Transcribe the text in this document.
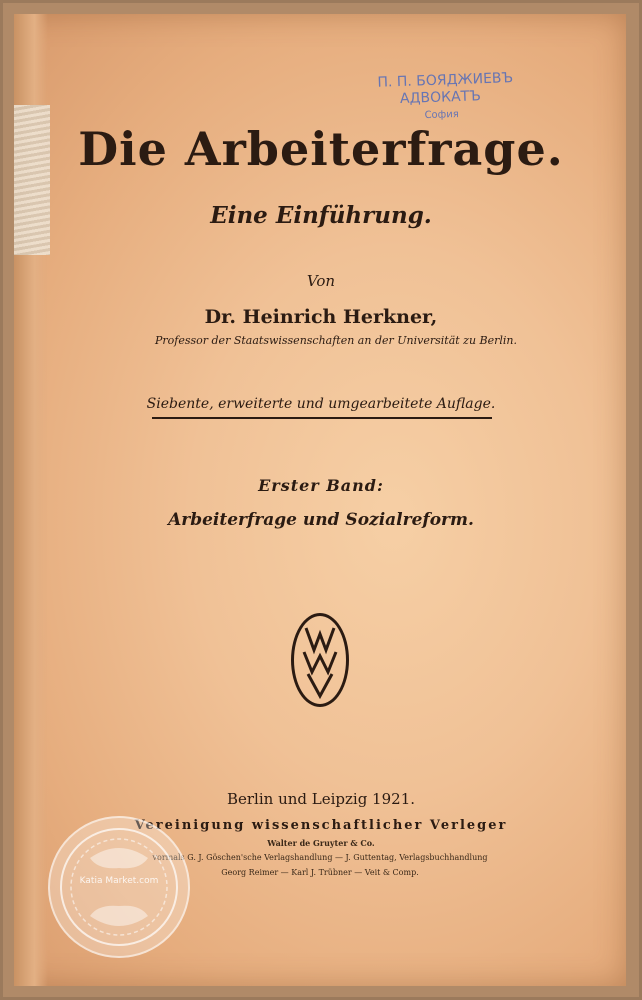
П. П. БОЯДЖИЕВЪ
АДВОКАТЪ
София
Die Arbeiterfrage.
Eine Einführung.
Von
Dr. Heinrich Herkner,
Professor der Staatswissenschaften an der Universität zu Berlin.
Siebente, erweiterte und umgearbeitete Auflage.
Erster Band:
Arbeiterfrage und Sozialreform.
Berlin und Leipzig 1921.
Vereinigung wissenschaftlicher Verleger
Walter de Gruyter & Co.
vormals G. J. Göschen'sche Verlagshandlung — J. Guttentag, Verlagsbuchhandlung
Georg Reimer — Karl J. Trübner — Veit & Comp.
Katia Market.com
